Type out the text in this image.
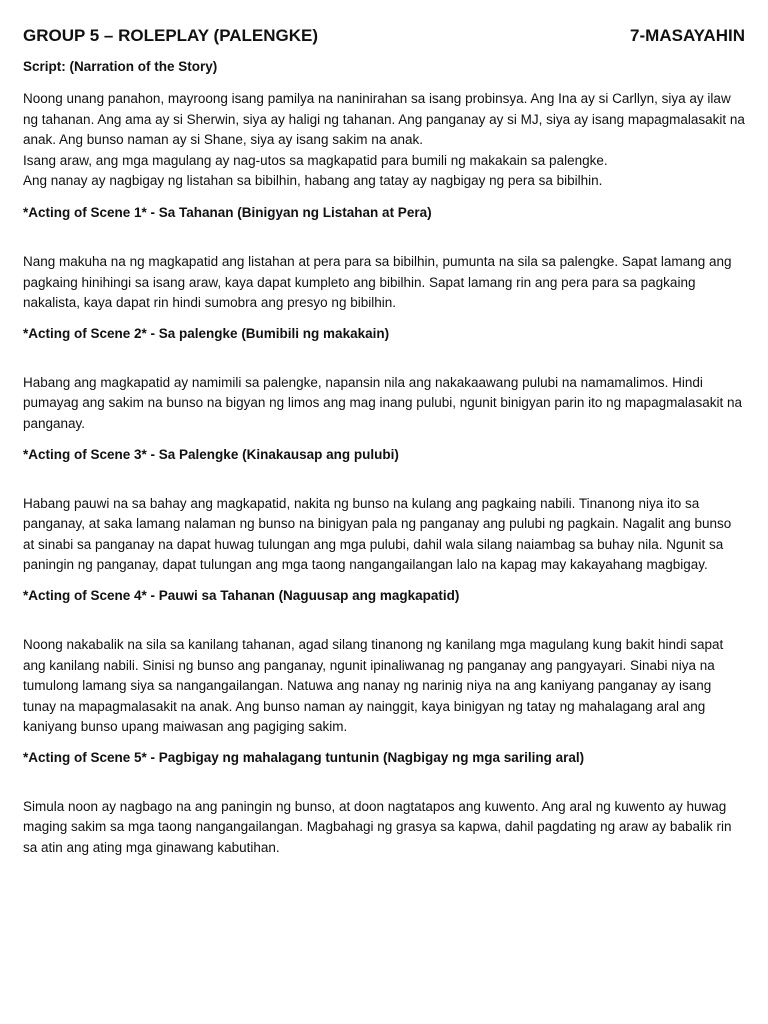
GROUP 5 – ROLEPLAY (PALENGKE)	7-MASAYAHIN
Script: (Narration of the Story)

Noong unang panahon, mayroong isang pamilya na naninirahan sa isang probinsya. Ang Ina ay si Carllyn, siya ay ilaw ng tahanan. Ang ama ay si Sherwin, siya ay haligi ng tahanan. Ang panganay ay si MJ, siya ay isang mapagmalasakit na anak. Ang bunso naman ay si Shane, siya ay isang sakim na anak.
Isang araw, ang mga magulang ay nag-utos sa magkapatid para bumili ng makakain sa palengke.
Ang nanay ay nagbigay ng listahan sa bibilhin, habang ang tatay ay nagbigay ng pera sa bibilhin.

*Acting of Scene 1* - Sa Tahanan (Binigyan ng Listahan at Pera)

Nang makuha na ng magkapatid ang listahan at pera para sa bibilhin, pumunta na sila sa palengke. Sapat lamang ang pagkaing hinihingi sa isang araw, kaya dapat kumpleto ang bibilhin. Sapat lamang rin ang pera para sa pagkaing nakalista, kaya dapat rin hindi sumobra ang presyo ng bibilhin.

*Acting of Scene 2* - Sa palengke (Bumibili ng makakain)

Habang ang magkapatid ay namimili sa palengke, napansin nila ang nakakaawang pulubi na namamalimos. Hindi pumayag ang sakim na bunso na bigyan ng limos ang mag inang pulubi, ngunit binigyan parin ito ng mapagmalasakit na panganay.

*Acting of Scene 3* - Sa Palengke (Kinakausap ang pulubi)

Habang pauwi na sa bahay ang magkapatid, nakita ng bunso na kulang ang pagkaing nabili. Tinanong niya ito sa panganay, at saka lamang nalaman ng bunso na binigyan pala ng panganay ang pulubi ng pagkain. Nagalit ang bunso at sinabi sa panganay na dapat huwag tulungan ang mga pulubi, dahil wala silang naiambag sa buhay nila. Ngunit sa paningin ng panganay, dapat tulungan ang mga taong nangangailangan lalo na kapag may kakayahang magbigay.

*Acting of Scene 4* - Pauwi sa Tahanan (Naguusap ang magkapatid)

Noong nakabalik na sila sa kanilang tahanan, agad silang tinanong ng kanilang mga magulang kung bakit hindi sapat ang kanilang nabili. Sinisi ng bunso ang panganay, ngunit ipinaliwanag ng panganay ang pangyayari. Sinabi niya na tumulong lamang siya sa nangangailangan. Natuwa ang nanay ng narinig niya na ang kaniyang panganay ay isang tunay na mapagmalasakit na anak. Ang bunso naman ay nainggit, kaya binigyan ng tatay ng mahalagang aral ang kaniyang bunso upang maiwasan ang pagiging sakim.

*Acting of Scene 5* - Pagbigay ng mahalagang tuntunin (Nagbigay ng mga sariling aral)

Simula noon ay nagbago na ang paningin ng bunso, at doon nagtatapos ang kuwento. Ang aral ng kuwento ay huwag maging sakim sa mga taong nangangailangan. Magbahagi ng grasya sa kapwa, dahil pagdating ng araw ay babalik rin sa atin ang ating mga ginawang kabutihan.
